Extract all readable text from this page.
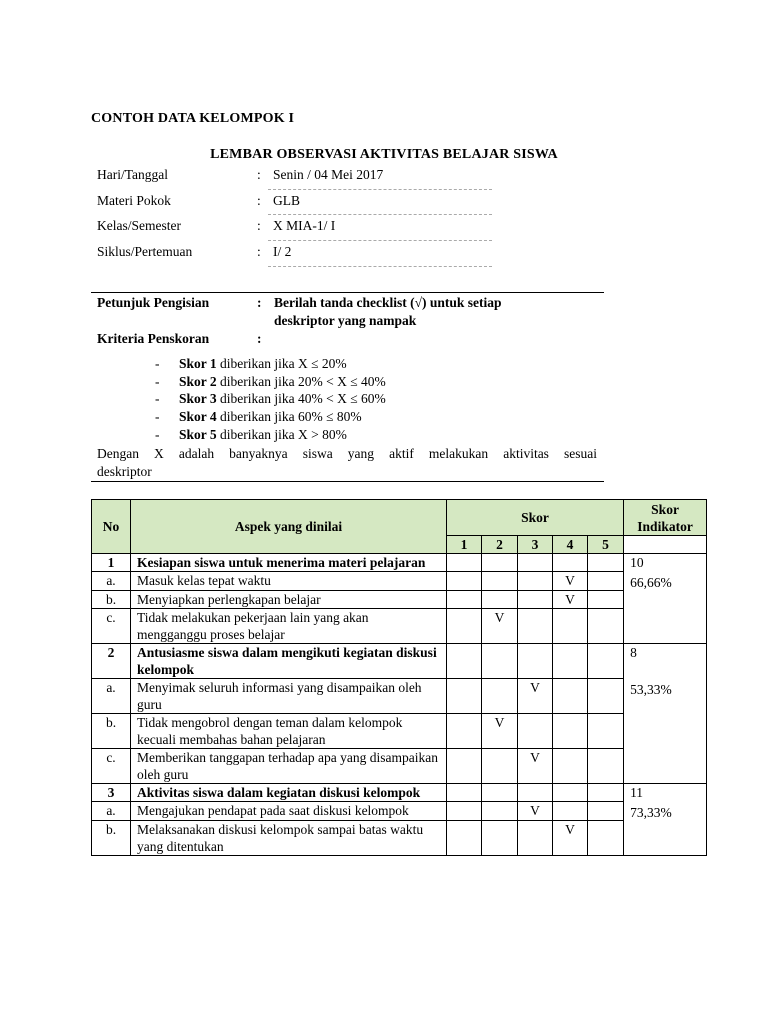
CONTOH DATA KELOMPOK I
LEMBAR OBSERVASI AKTIVITAS BELAJAR SISWA
Hari/Tanggal	: Senin / 04 Mei 2017
Materi Pokok	: GLB
Kelas/Semester	: X MIA-1/ I
Siklus/Pertemuan	: I/ 2
Petunjuk Pengisian	: Berilah tanda checklist (√) untuk setiap
deskriptor yang nampak
Kriteria Penskoran	:
- Skor 1 diberikan jika X ≤ 20%
- Skor 2 diberikan jika 20% < X ≤ 40%
- Skor 3 diberikan jika 40% < X ≤ 60%
- Skor 4 diberikan jika 60% ≤ 80%
- Skor 5 diberikan jika X > 80%
Dengan X adalah banyaknya siswa yang aktif melakukan aktivitas sesuai
deskriptor
No	Aspek yang dinilai	Skor					Skor Indikator
		1	2	3	4	5	
1	Kesiapan siswa untuk menerima materi pelajaran						10
a.	Masuk kelas tepat waktu				V		66,66%
b.	Menyiapkan perlengkapan belajar				V		
c.	Tidak melakukan pekerjaan lain yang akan mengganggu proses belajar		V				
2	Antusiasme siswa dalam mengikuti kegiatan diskusi kelompok						8
a.	Menyimak seluruh informasi yang disampaikan oleh guru			V			53,33%
b.	Tidak mengobrol dengan teman dalam kelompok kecuali membahas bahan pelajaran		V				
c.	Memberikan tanggapan terhadap apa yang disampaikan oleh guru			V			
3	Aktivitas siswa dalam kegiatan diskusi kelompok						11
a.	Mengajukan pendapat pada saat diskusi kelompok			V			73,33%
b.	Melaksanakan diskusi kelompok sampai batas waktu yang ditentukan				V		
